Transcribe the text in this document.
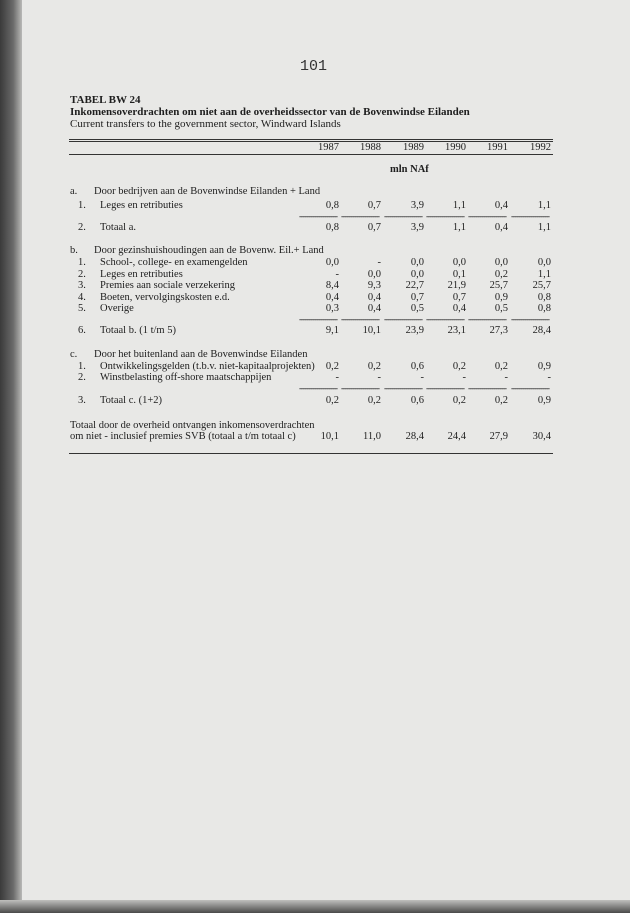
101
TABEL BW 24
Inkomensoverdrachten om niet aan de overheidssector van de Bovenwindse Eilanden
Current transfers to the government sector, Windward Islands
1987	1988	1989	1990	1991	1992
mln NAf
a. Door bedrijven aan de Bovenwindse Eilanden + Land
1. Leges en retributies	0,8	0,7	3,9	1,1	0,4	1,1
------------------- ------------------- ------------------- ------------------- ------------------- -------------------
2. Totaal a.	0,8	0,7	3,9	1,1	0,4	1,1
b. Door gezinshuishoudingen aan de Bovenw. Eil.+ Land
1. School-, college- en examengelden	0,0	-	0,0	0,0	0,0	0,0
2. Leges en retributies	-	0,0	0,0	0,1	0,2	1,1
3. Premies aan sociale verzekering	8,4	9,3	22,7	21,9	25,7	25,7
4. Boeten, vervolgingskosten e.d.	0,4	0,4	0,7	0,7	0,9	0,8
5. Overige	0,3	0,4	0,5	0,4	0,5	0,8
------------------- ------------------- ------------------- ------------------- ------------------- -------------------
6. Totaal b. (1 t/m 5)	9,1	10,1	23,9	23,1	27,3	28,4
c. Door het buitenland aan de Bovenwindse Eilanden
1. Ontwikkelingsgelden (t.b.v. niet-kapitaalprojekten)	0,2	0,2	0,6	0,2	0,2	0,9
2. Winstbelasting off-shore maatschappijen	-	-	-	-	-	-
------------------- ------------------- ------------------- ------------------- ------------------- -------------------
3. Totaal c. (1+2)	0,2	0,2	0,6	0,2	0,2	0,9
Totaal door de overheid ontvangen inkomensoverdrachten
om niet - inclusief premies SVB (totaal a t/m totaal c)	10,1	11,0	28,4	24,4	27,9	30,4
